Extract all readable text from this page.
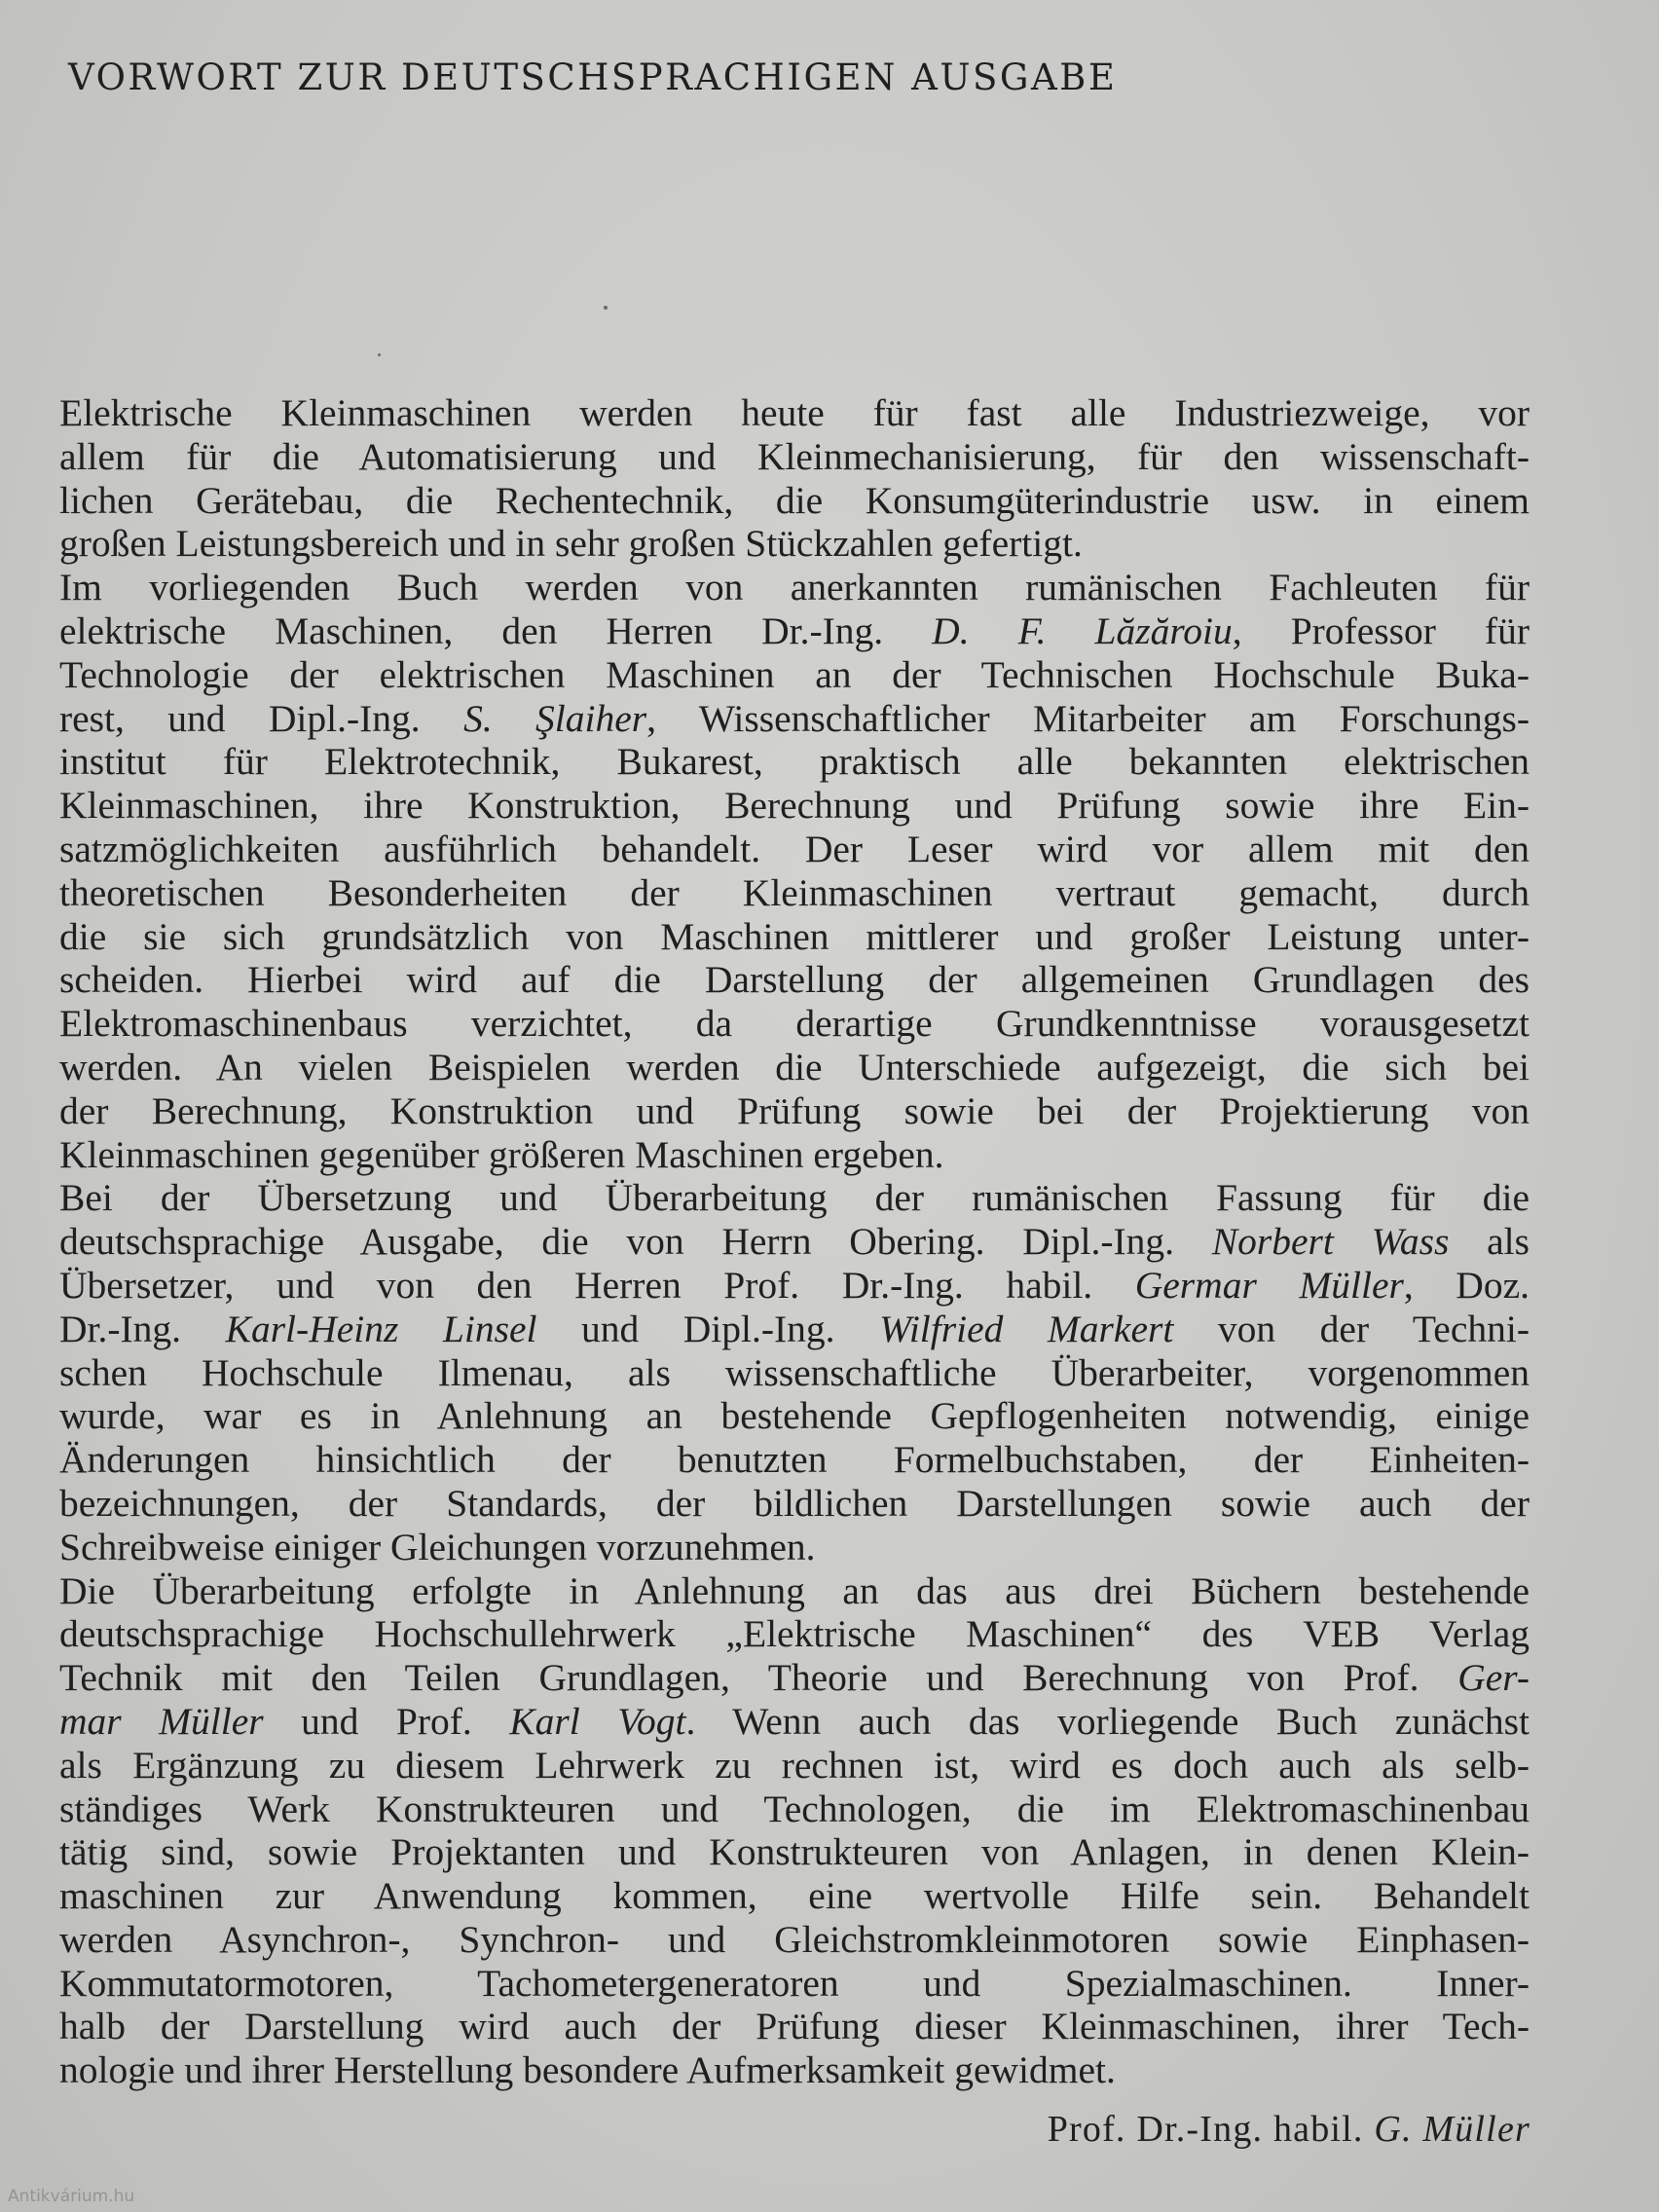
VORWORT ZUR DEUTSCHSPRACHIGEN AUSGABE
Elektrische Kleinmaschinen werden heute für fast alle Industriezweige, vor
allem für die Automatisierung und Kleinmechanisierung, für den wissenschaft-
lichen Gerätebau, die Rechentechnik, die Konsumgüterindustrie usw. in einem
großen Leistungsbereich und in sehr großen Stückzahlen gefertigt.
Im vorliegenden Buch werden von anerkannten rumänischen Fachleuten für
elektrische Maschinen, den Herren Dr.-Ing. D. F. Lăzăroiu, Professor für
Technologie der elektrischen Maschinen an der Technischen Hochschule Buka-
rest, und Dipl.-Ing. S. Şlaiher, Wissenschaftlicher Mitarbeiter am Forschungs-
institut für Elektrotechnik, Bukarest, praktisch alle bekannten elektrischen
Kleinmaschinen, ihre Konstruktion, Berechnung und Prüfung sowie ihre Ein-
satzmöglichkeiten ausführlich behandelt. Der Leser wird vor allem mit den
theoretischen Besonderheiten der Kleinmaschinen vertraut gemacht, durch
die sie sich grundsätzlich von Maschinen mittlerer und großer Leistung unter-
scheiden. Hierbei wird auf die Darstellung der allgemeinen Grundlagen des
Elektromaschinenbaus verzichtet, da derartige Grundkenntnisse vorausgesetzt
werden. An vielen Beispielen werden die Unterschiede aufgezeigt, die sich bei
der Berechnung, Konstruktion und Prüfung sowie bei der Projektierung von
Kleinmaschinen gegenüber größeren Maschinen ergeben.
Bei der Übersetzung und Überarbeitung der rumänischen Fassung für die
deutschsprachige Ausgabe, die von Herrn Obering. Dipl.-Ing. Norbert Wass als
Übersetzer, und von den Herren Prof. Dr.-Ing. habil. Germar Müller, Doz.
Dr.-Ing. Karl-Heinz Linsel und Dipl.-Ing. Wilfried Markert von der Techni-
schen Hochschule Ilmenau, als wissenschaftliche Überarbeiter, vorgenommen
wurde, war es in Anlehnung an bestehende Gepflogenheiten notwendig, einige
Änderungen hinsichtlich der benutzten Formelbuchstaben, der Einheiten-
bezeichnungen, der Standards, der bildlichen Darstellungen sowie auch der
Schreibweise einiger Gleichungen vorzunehmen.
Die Überarbeitung erfolgte in Anlehnung an das aus drei Büchern bestehende
deutschsprachige Hochschullehrwerk „Elektrische Maschinen“ des VEB Verlag
Technik mit den Teilen Grundlagen, Theorie und Berechnung von Prof. Ger-
mar Müller und Prof. Karl Vogt. Wenn auch das vorliegende Buch zunächst
als Ergänzung zu diesem Lehrwerk zu rechnen ist, wird es doch auch als selb-
ständiges Werk Konstrukteuren und Technologen, die im Elektromaschinenbau
tätig sind, sowie Projektanten und Konstrukteuren von Anlagen, in denen Klein-
maschinen zur Anwendung kommen, eine wertvolle Hilfe sein. Behandelt
werden Asynchron-, Synchron- und Gleichstromkleinmotoren sowie Einphasen-
Kommutatormotoren, Tachometergeneratoren und Spezialmaschinen. Inner-
halb der Darstellung wird auch der Prüfung dieser Kleinmaschinen, ihrer Tech-
nologie und ihrer Herstellung besondere Aufmerksamkeit gewidmet.
Prof. Dr.-Ing. habil. G. Müller
Antikvárium.hu
